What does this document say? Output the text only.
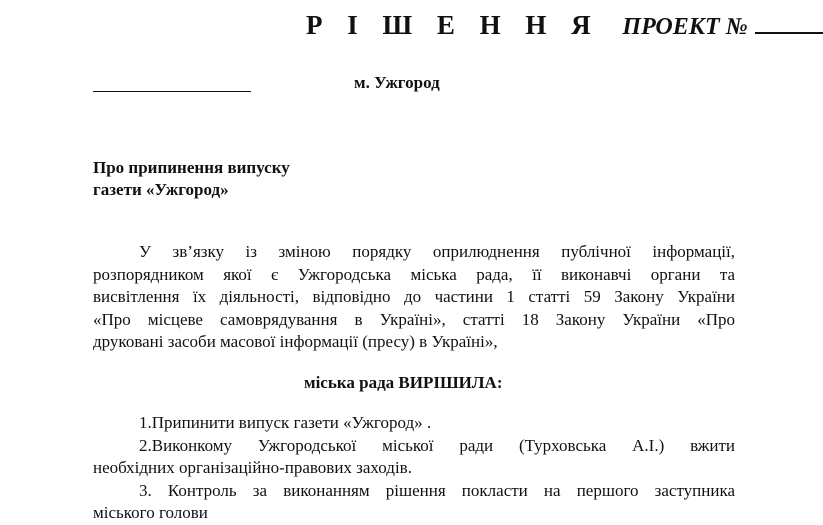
Р І Ш Е Н Н Я ПРОЕКТ №
м. Ужгород
Про припинення випуску
газети «Ужгород»
У зв’язку із зміною порядку оприлюднення публічної інформації,
розпорядником якої є Ужгородська міська рада, її виконавчі органи та
висвітлення їх діяльності, відповідно до частини 1 статті 59 Закону України
«Про місцеве самоврядування в Україні», статті 18 Закону України «Про
друковані засоби масової інформації (пресу) в Україні»,
міська рада ВИРІШИЛА:
1.Припинити випуск газети «Ужгород» .
2.Виконкому Ужгородської міської ради (Турховська А.І.) вжити
необхідних організаційно-правових заходів.
3. Контроль за виконанням рішення покласти на першого заступника
міського голови
